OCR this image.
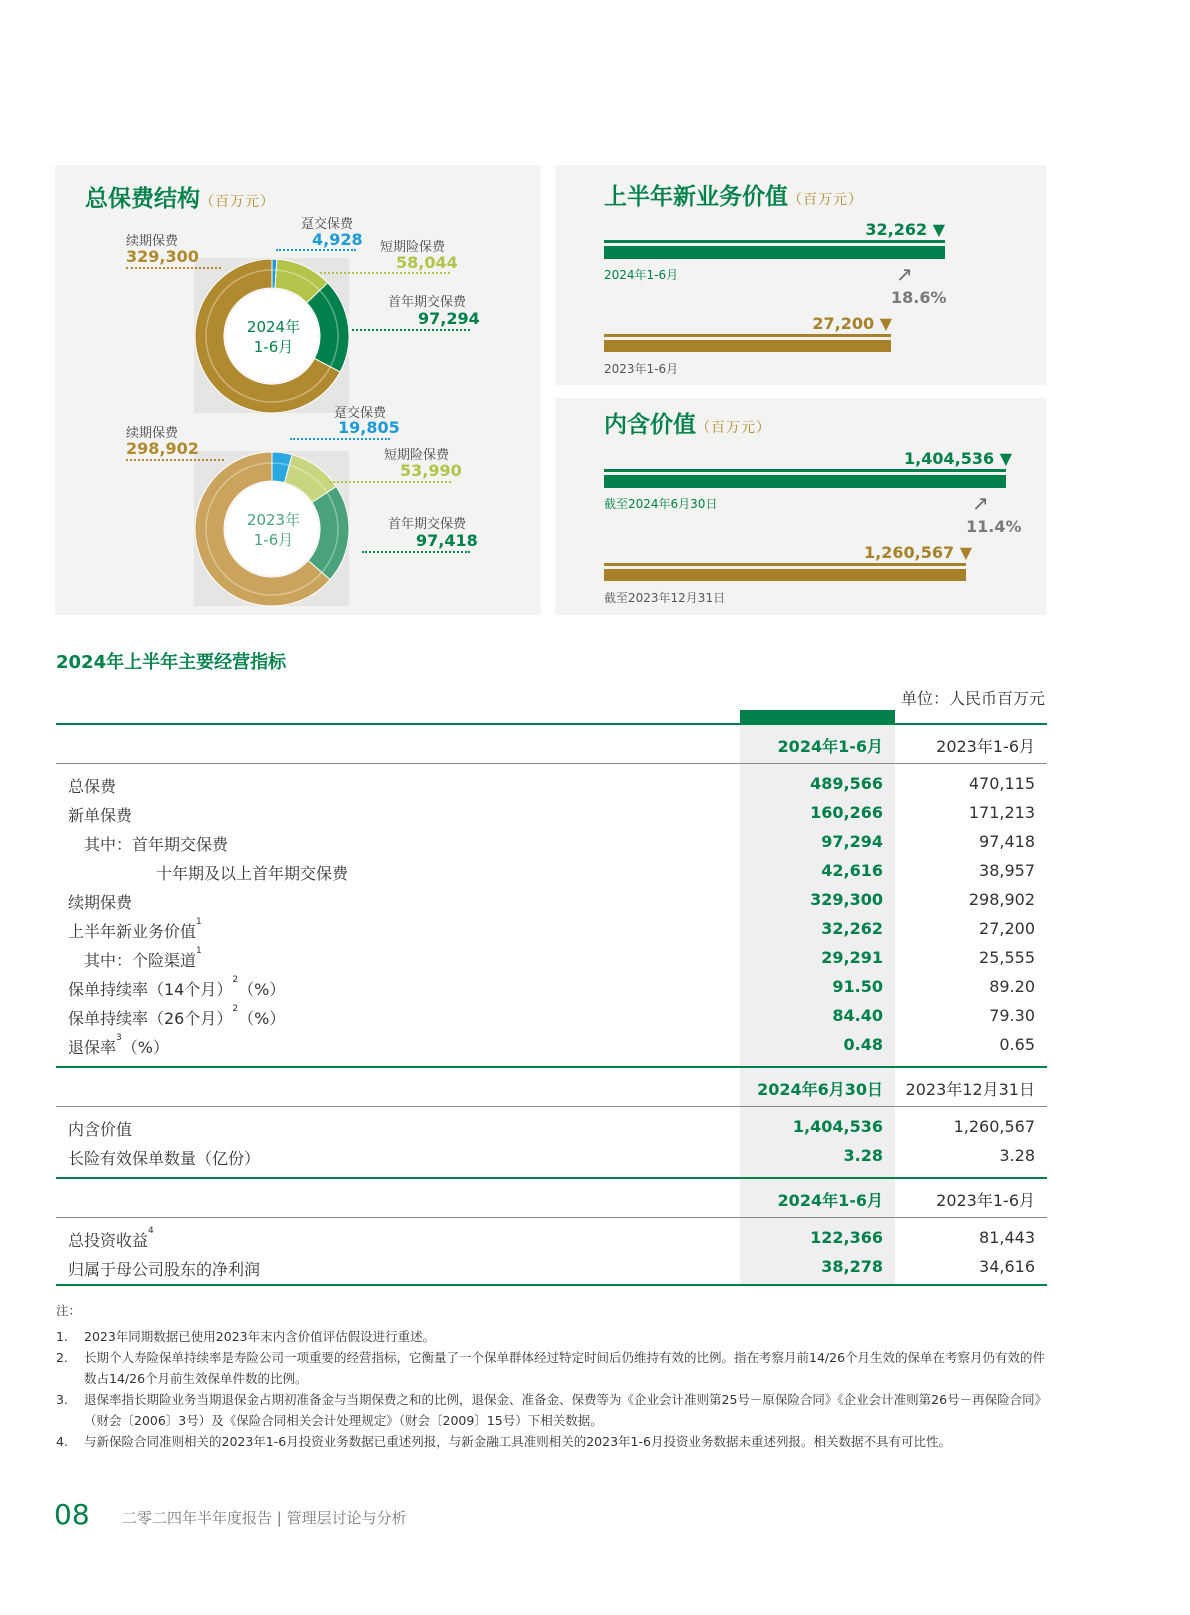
总保费结构（百万元）
2024年
1-6月
续期保费
329,300
趸交保费
4,928 短期险保费
58,044
首年期交保费
97,294
2023年
1-6月
续期保费
298,902
趸交保费
19,805
短期险保费
53,990
首年期交保费
97,418
上半年新业务价值（百万元）
32,262 ▼
2024年1-6月	↗
18.6%
27,200 ▼
2023年1-6月
内含价值（百万元）
1,404,536 ▼
截至2024年6月30日	↗
11.4%
1,260,567 ▼
截至2023年12月31日
2024年上半年主要经营指标
单位：人民币百万元
2024年1-6月	2023年1-6月
总保费	489,566	470,115
新单保费	160,266	171,213
其中：首年期交保费	97,294	97,418
十年期及以上首年期交保费	42,616	38,957
续期保费	329,300	298,902
上半年新业务价值$^1$	32,262	27,200
其中：个险渠道$^1$	29,291	25,555
保单持续率（14个月）$^2$（%）	91.50	89.20
保单持续率（26个月）$^2$（%）	84.40	79.30
退保率$^3$（%）	0.48	0.65
2024年6月30日	2023年12月31日
内含价值	1,404,536	1,260,567
长险有效保单数量（亿份）	3.28	3.28
2024年1-6月	2023年1-6月
总投资收益$^4$	122,366	81,443
归属于母公司股东的净利润	38,278	34,616
注：
1. 2023年同期数据已使用2023年末内含价值评估假设进行重述。
2. 长期个人寿险保单持续率是寿险公司一项重要的经营指标，它衡量了一个保单群体经过特定时间后仍维持有效的比例。指在考察月前14/26个月生效的保单在考察月仍有效的件数占14/26个月前生效保单件数的比例。
3. 退保率指长期险业务当期退保金占期初准备金与当期保费之和的比例，退保金、准备金、保费等为《企业会计准则第25号－原保险合同》《企业会计准则第26号－再保险合同》（财会〔2006〕3号）及《保险合同相关会计处理规定》（财会〔2009〕15号）下相关数据。
4. 与新保险合同准则相关的2023年1-6月投资业务数据已重述列报，与新金融工具准则相关的2023年1-6月投资业务数据未重述列报。相关数据不具有可比性。
08 二零二四年半年度报告 | 管理层讨论与分析
